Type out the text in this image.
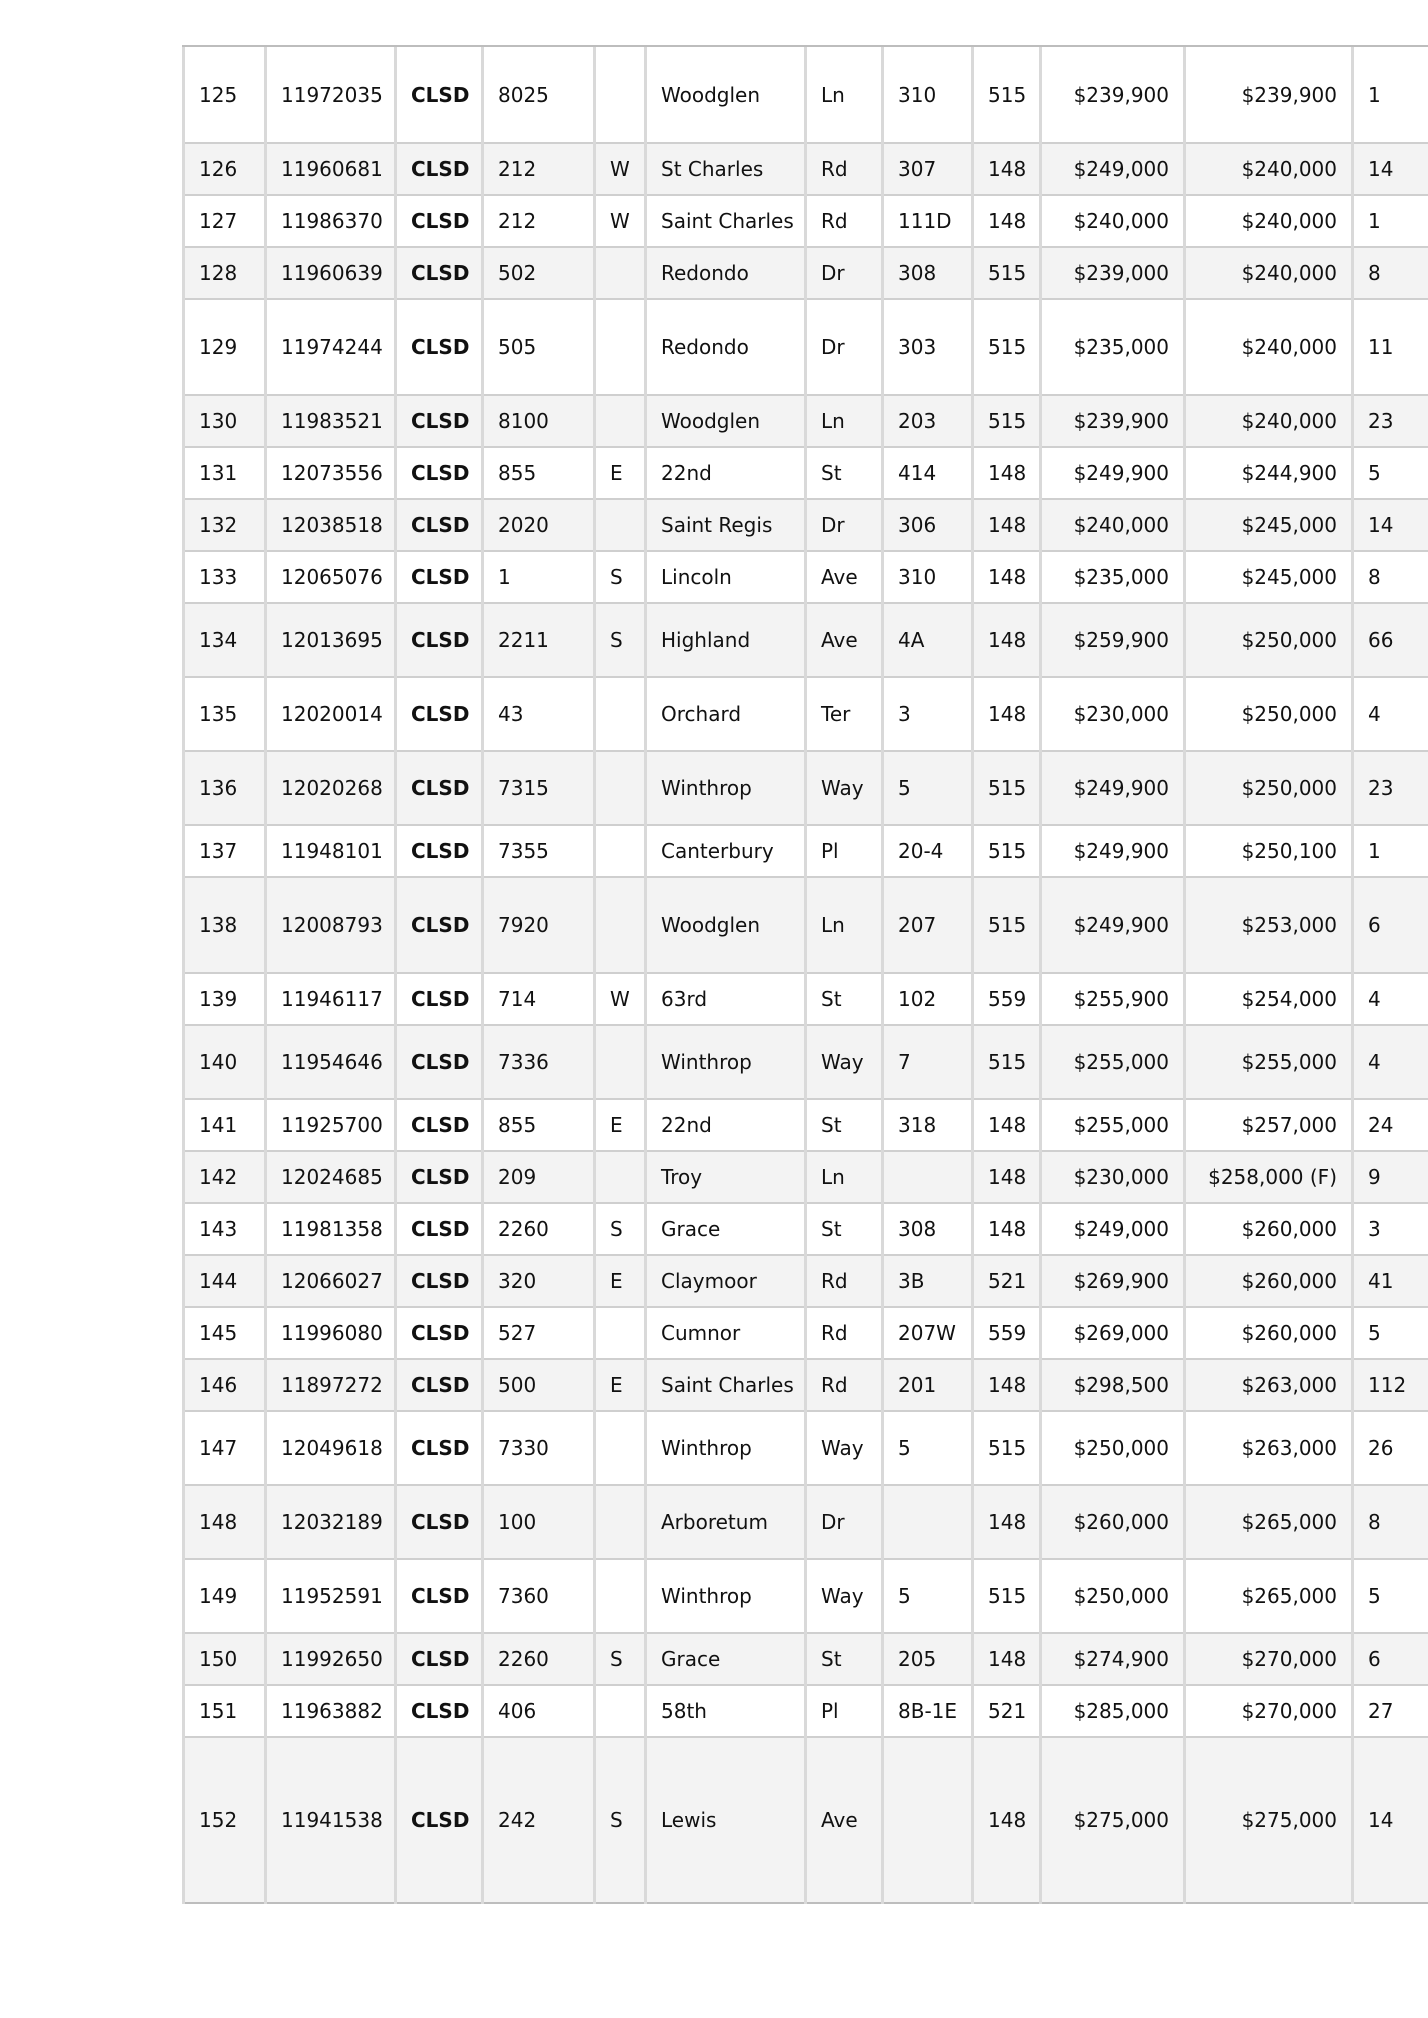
125	11972035	CLSD	8025		Woodglen	Ln	310	515	$239,900	$239,900	1
126	11960681	CLSD	212	W	St Charles	Rd	307	148	$249,000	$240,000	14
127	11986370	CLSD	212	W	Saint Charles	Rd	111D	148	$240,000	$240,000	1
128	11960639	CLSD	502		Redondo	Dr	308	515	$239,000	$240,000	8
129	11974244	CLSD	505		Redondo	Dr	303	515	$235,000	$240,000	11
130	11983521	CLSD	8100		Woodglen	Ln	203	515	$239,900	$240,000	23
131	12073556	CLSD	855	E	22nd	St	414	148	$249,900	$244,900	5
132	12038518	CLSD	2020		Saint Regis	Dr	306	148	$240,000	$245,000	14
133	12065076	CLSD	1	S	Lincoln	Ave	310	148	$235,000	$245,000	8
134	12013695	CLSD	2211	S	Highland	Ave	4A	148	$259,900	$250,000	66
135	12020014	CLSD	43		Orchard	Ter	3	148	$230,000	$250,000	4
136	12020268	CLSD	7315		Winthrop	Way	5	515	$249,900	$250,000	23
137	11948101	CLSD	7355		Canterbury	Pl	20-4	515	$249,900	$250,100	1
138	12008793	CLSD	7920		Woodglen	Ln	207	515	$249,900	$253,000	6
139	11946117	CLSD	714	W	63rd	St	102	559	$255,900	$254,000	4
140	11954646	CLSD	7336		Winthrop	Way	7	515	$255,000	$255,000	4
141	11925700	CLSD	855	E	22nd	St	318	148	$255,000	$257,000	24
142	12024685	CLSD	209		Troy	Ln		148	$230,000	$258,000 (F)	9
143	11981358	CLSD	2260	S	Grace	St	308	148	$249,000	$260,000	3
144	12066027	CLSD	320	E	Claymoor	Rd	3B	521	$269,900	$260,000	41
145	11996080	CLSD	527		Cumnor	Rd	207W	559	$269,000	$260,000	5
146	11897272	CLSD	500	E	Saint Charles	Rd	201	148	$298,500	$263,000	112
147	12049618	CLSD	7330		Winthrop	Way	5	515	$250,000	$263,000	26
148	12032189	CLSD	100		Arboretum	Dr		148	$260,000	$265,000	8
149	11952591	CLSD	7360		Winthrop	Way	5	515	$250,000	$265,000	5
150	11992650	CLSD	2260	S	Grace	St	205	148	$274,900	$270,000	6
151	11963882	CLSD	406		58th	Pl	8B-1E	521	$285,000	$270,000	27
152	11941538	CLSD	242	S	Lewis	Ave		148	$275,000	$275,000	14
